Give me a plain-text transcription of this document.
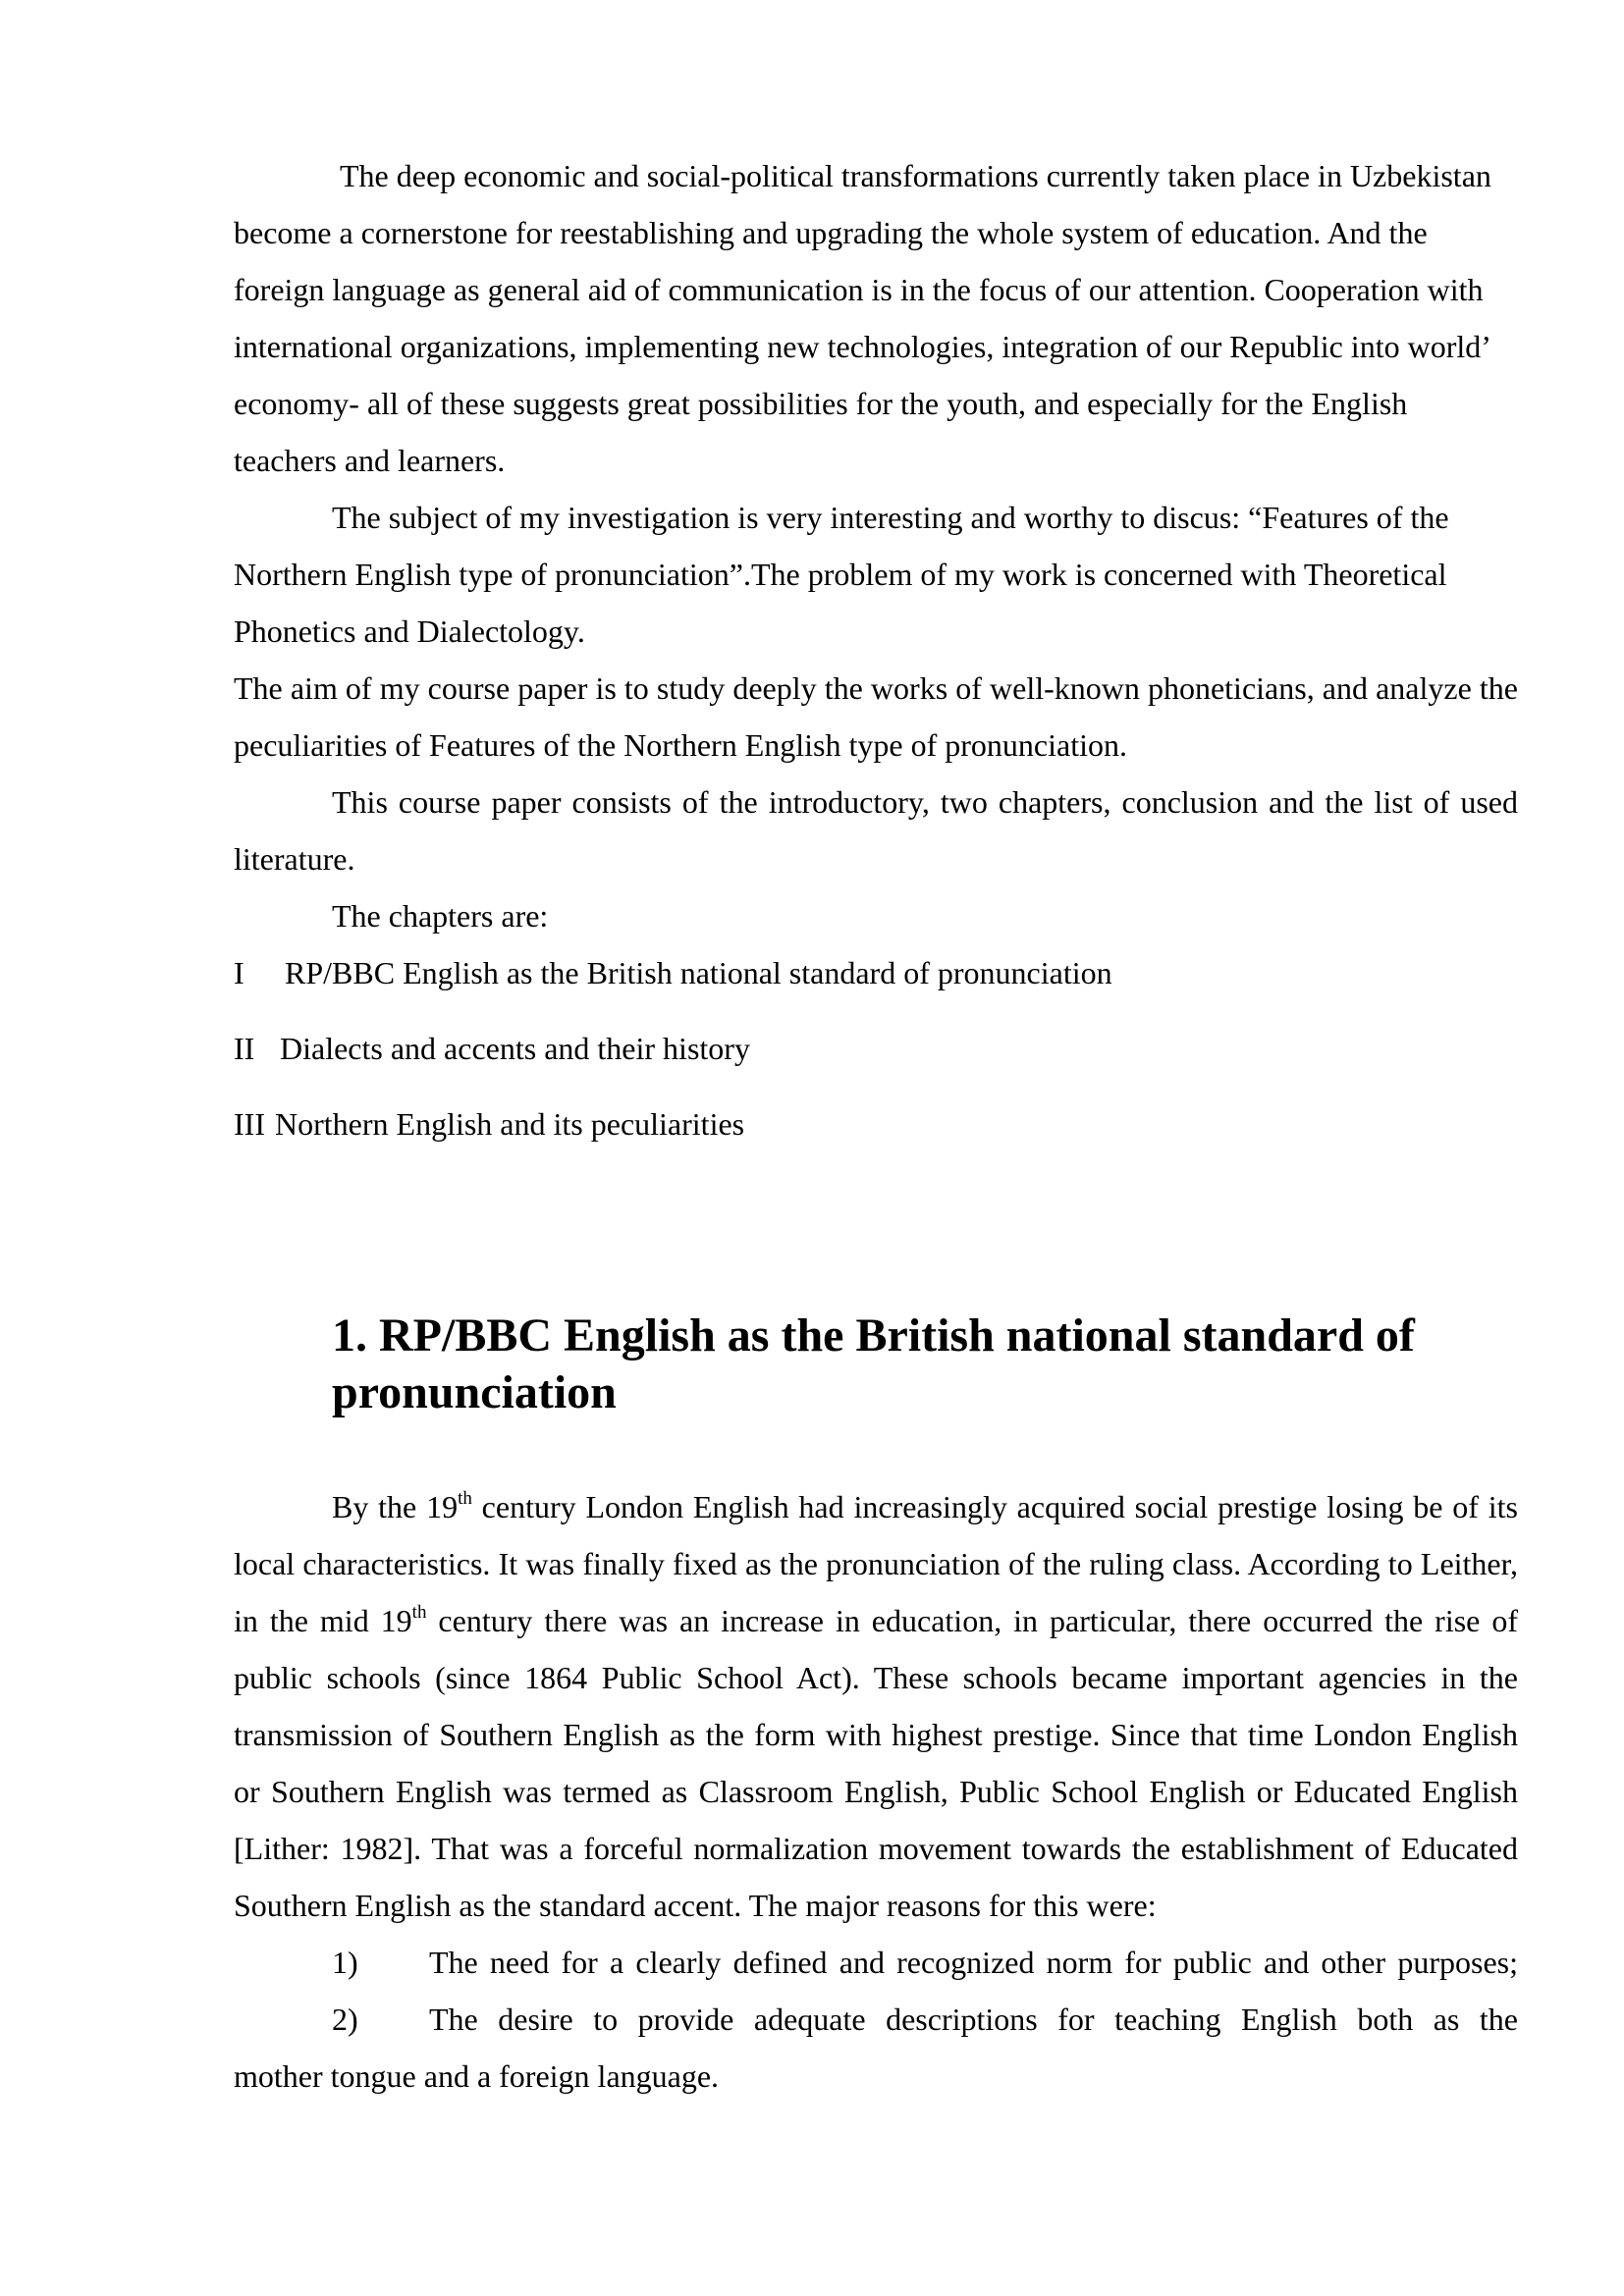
The deep economic and social-political transformations currently taken place in Uzbekistan become a cornerstone for reestablishing and upgrading the whole system of education. And the foreign language as general aid of communication is in the focus of our attention. Cooperation with international organizations, implementing new technologies, integration of our Republic into world’ economy- all of these suggests great possibilities for the youth, and especially for the English teachers and learners.

The subject of my investigation is very interesting and worthy to discus: “Features of the Northern English type of pronunciation”.The problem of my work is concerned with Theoretical Phonetics and Dialectology.

The aim of my course paper is to study deeply the works of well-known phoneticians, and analyze the peculiarities of Features of the Northern English type of pronunciation.

This course paper consists of the introductory, two chapters, conclusion and the list of used literature.

The chapters are:

I	RP/BBC English as the British national standard of pronunciation
II Dialects and accents and their history
III Northern English and its peculiarities
1. RP/BBC English as the British national standard of pronunciation

By the 19th century London English had increasingly acquired social prestige losing be of its local characteristics. It was finally fixed as the pronunciation of the ruling class. According to Leither, in the mid 19th century there was an increase in education, in particular, there occurred the rise of public schools (since 1864 Public School Act). These schools became important agencies in the transmission of Southern English as the form with highest prestige. Since that time London English or Southern English was termed as Classroom English, Public School English or Educated English [Lither: 1982]. That was a forceful normalization movement towards the establishment of Educated Southern English as the standard accent. The major reasons for this were:

1)	The need for a clearly defined and recognized norm for public and other purposes;
2)	The desire to provide adequate descriptions for teaching English both as the

mother tongue and a foreign language.
